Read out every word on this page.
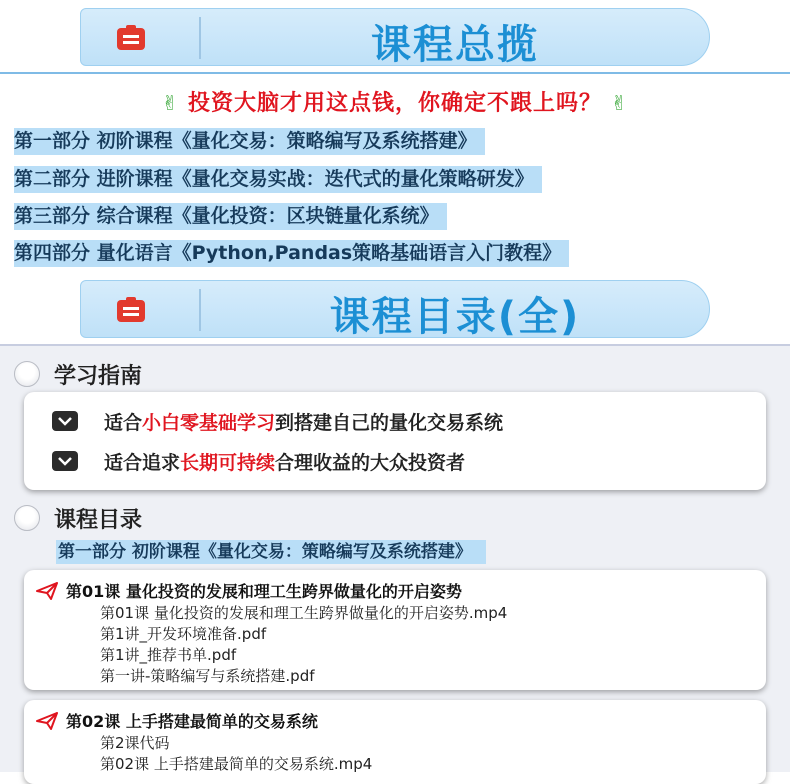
课程总揽
✌ 投资大脑才用这点钱，你确定不跟上吗？ ✌
第一部分 初阶课程《量化交易：策略编写及系统搭建》
第二部分 进阶课程《量化交易实战：迭代式的量化策略研发》
第三部分 综合课程《量化投资：区块链量化系统》
第四部分 量化语言《Python,Pandas策略基础语言入门教程》
课程目录(全)
学习指南
适合 小白零基础学习 到搭建自己的量化交易系统
适合追求 长期可持续 合理收益的大众投资者
课程目录
第一部分 初阶课程《量化交易：策略编写及系统搭建》
第01课 量化投资的发展和理工生跨界做量化的开启姿势
第01课 量化投资的发展和理工生跨界做量化的开启姿势.mp4
第1讲_开发环境准备.pdf
第1讲_推荐书单.pdf
第一讲-策略编写与系统搭建.pdf
第02课 上手搭建最简单的交易系统
第2课代码
第02课 上手搭建最简单的交易系统.mp4
